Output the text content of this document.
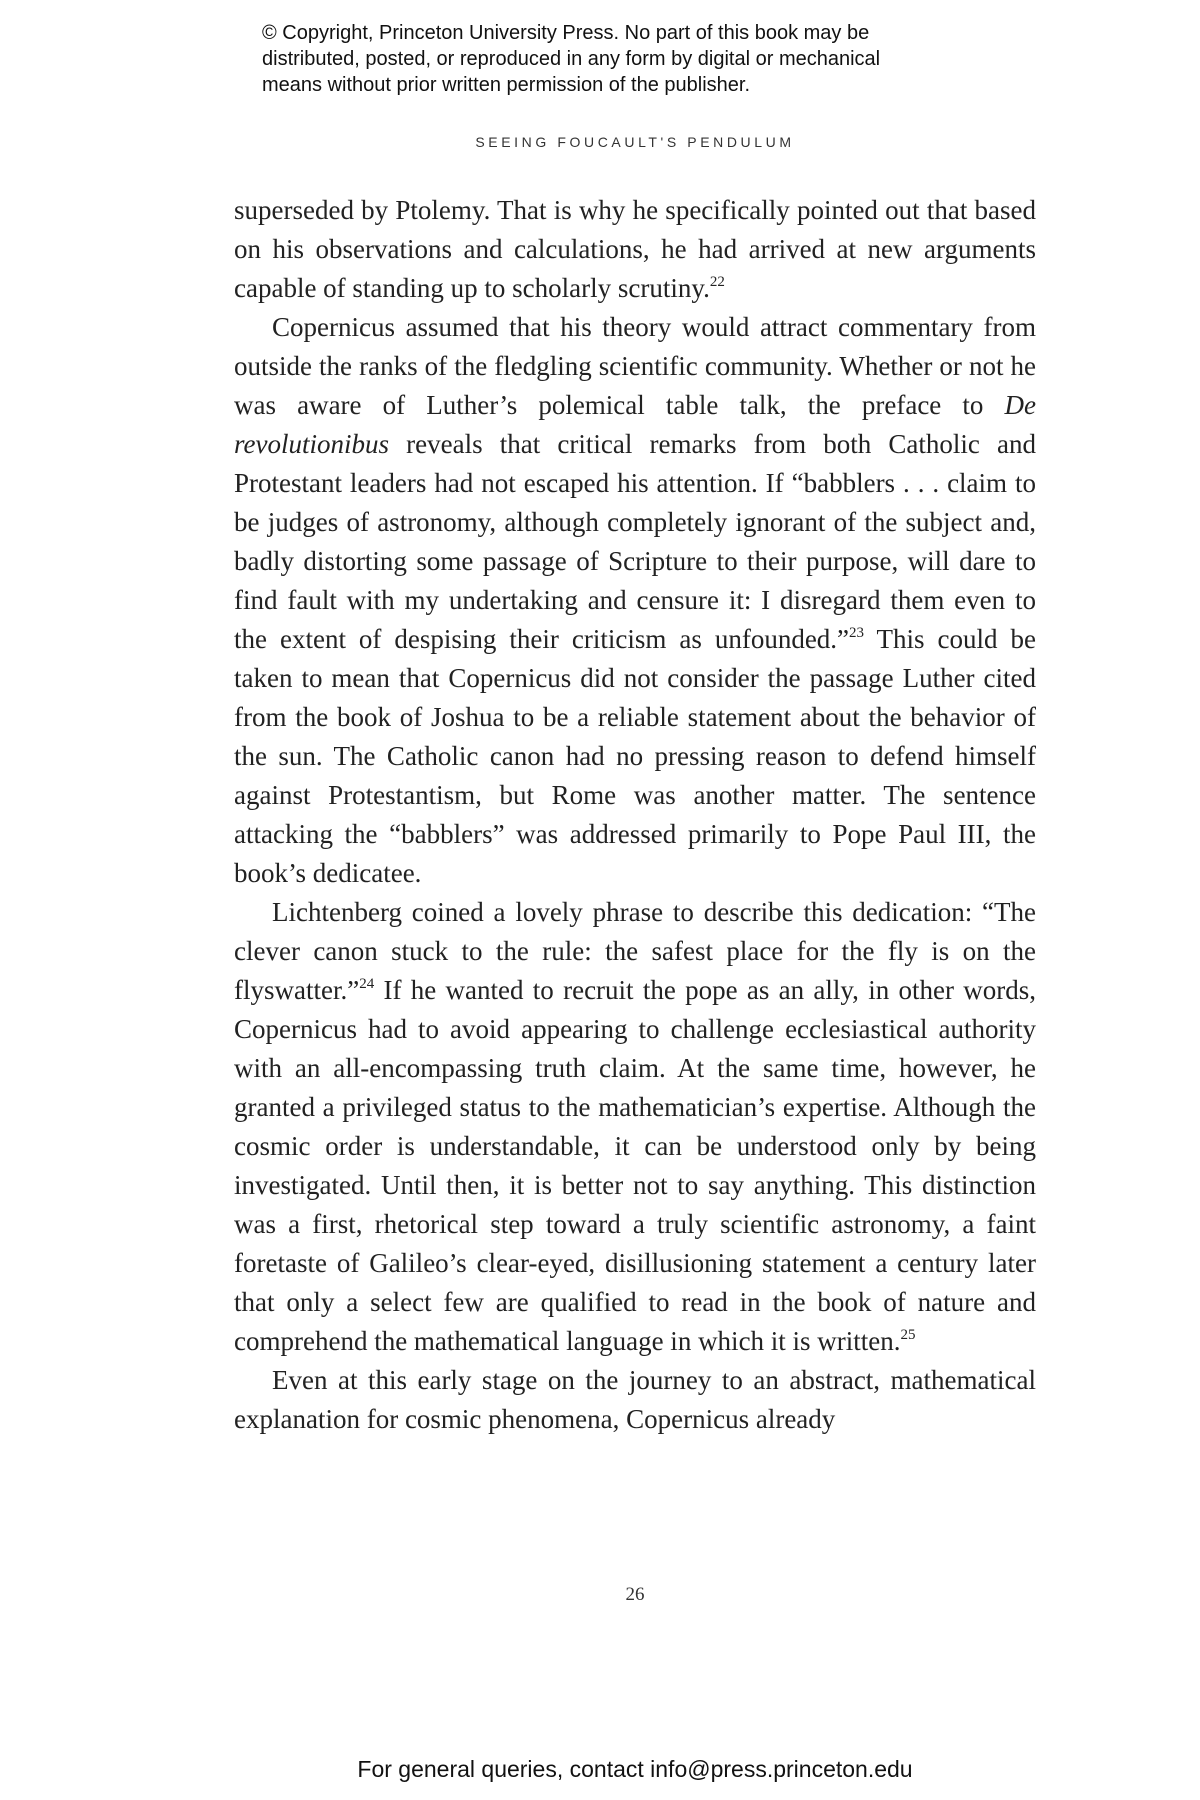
© Copyright, Princeton University Press. No part of this book may be
distributed, posted, or reproduced in any form by digital or mechanical
means without prior written permission of the publisher.
SEEING FOUCAULT'S PENDULUM

superseded by Ptolemy. That is why he specifically pointed out that based on his observations and calculations, he had arrived at new arguments capable of standing up to scholarly scrutiny.$^{22}$

Copernicus assumed that his theory would attract commentary from outside the ranks of the fledgling scientific community. Whether or not he was aware of Luther’s polemical table talk, the preface to De revolutionibus reveals that critical remarks from both Catholic and Protestant leaders had not escaped his attention. If “babblers . . . claim to be judges of astronomy, although completely ignorant of the subject and, badly distorting some passage of Scripture to their purpose, will dare to find fault with my undertaking and censure it: I disregard them even to the extent of despising their criticism as unfounded.”$^{23}$ This could be taken to mean that Copernicus did not consider the passage Luther cited from the book of Joshua to be a reliable statement about the behavior of the sun. The Catholic canon had no pressing reason to defend himself against Protestantism, but Rome was another matter. The sentence attacking the “babblers” was addressed primarily to Pope Paul III, the book’s dedicatee.

Lichtenberg coined a lovely phrase to describe this dedication: “The clever canon stuck to the rule: the safest place for the fly is on the flyswatter.”$^{24}$ If he wanted to recruit the pope as an ally, in other words, Copernicus had to avoid appearing to challenge ecclesiastical authority with an all-encompassing truth claim. At the same time, however, he granted a privileged status to the mathematician’s expertise. Although the cosmic order is understandable, it can be understood only by being investigated. Until then, it is better not to say anything. This distinction was a first, rhetorical step toward a truly scientific astronomy, a faint foretaste of Galileo’s clear-eyed, disillusioning statement a century later that only a select few are qualified to read in the book of nature and comprehend the mathematical language in which it is written.$^{25}$

Even at this early stage on the journey to an abstract, mathematical explanation for cosmic phenomena, Copernicus already

26
For general queries, contact info@press.princeton.edu
